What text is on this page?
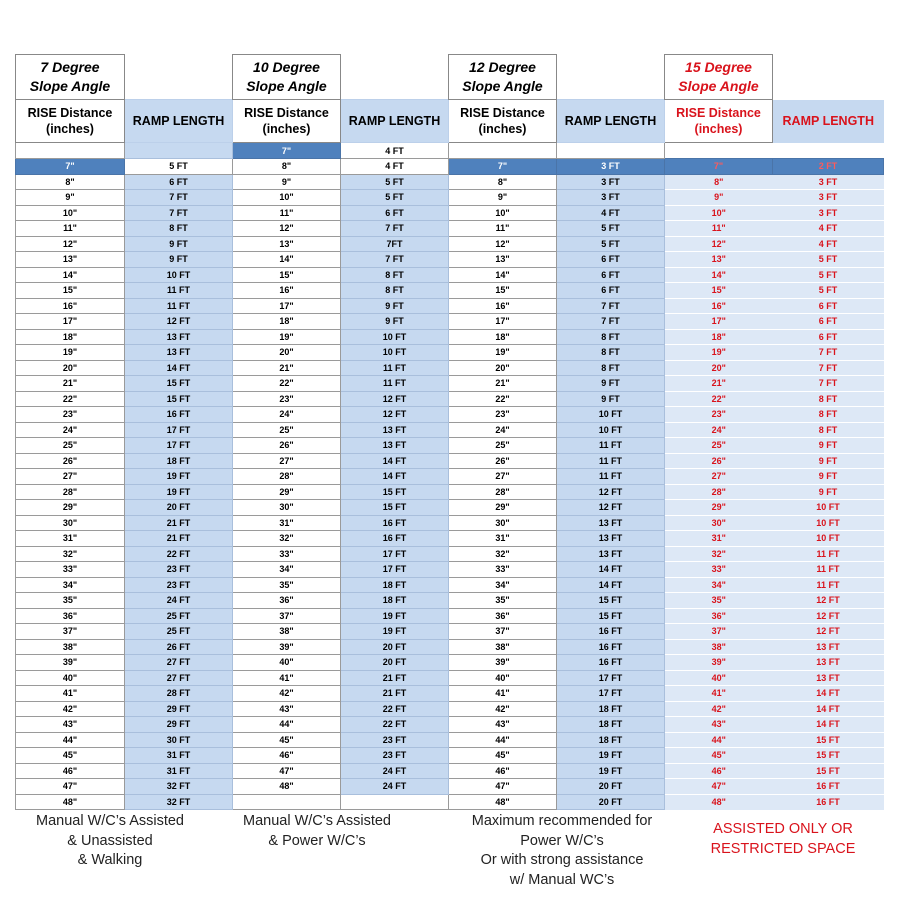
7 Degree
Slope Angle		10 Degree
Slope Angle		12 Degree
Slope Angle		15 Degree
Slope Angle	
RISE Distance (inches)	RAMP LENGTH	RISE Distance (inches)	RAMP LENGTH	RISE Distance (inches)	RAMP LENGTH	RISE Distance (inches)	RAMP LENGTH
		7"	4 FT				
7"	5 FT	8"	4 FT	7"	3 FT	7"	2 FT
8"	6 FT	9"	5 FT	8"	3 FT	8"	3 FT
9"	7 FT	10"	5 FT	9"	3 FT	9"	3 FT
10"	7 FT	11"	6 FT	10"	4 FT	10"	3 FT
11"	8 FT	12"	7 FT	11"	5 FT	11"	4 FT
12"	9 FT	13"	7FT	12"	5 FT	12"	4 FT
13"	9 FT	14"	7 FT	13"	6 FT	13"	5 FT
14"	10 FT	15"	8 FT	14"	6 FT	14"	5 FT
15"	11 FT	16"	8 FT	15"	6 FT	15"	5 FT
16"	11 FT	17"	9 FT	16"	7 FT	16"	6 FT
17"	12 FT	18"	9 FT	17"	7 FT	17"	6 FT
18"	13 FT	19"	10 FT	18"	8 FT	18"	6 FT
19"	13 FT	20"	10 FT	19"	8 FT	19"	7 FT
20"	14 FT	21"	11 FT	20"	8 FT	20"	7 FT
21"	15 FT	22"	11 FT	21"	9 FT	21"	7 FT
22"	15 FT	23"	12 FT	22"	9 FT	22"	8 FT
23"	16 FT	24"	12 FT	23"	10 FT	23"	8 FT
24"	17 FT	25"	13 FT	24"	10 FT	24"	8 FT
25"	17 FT	26"	13 FT	25"	11 FT	25"	9 FT
26"	18 FT	27"	14 FT	26"	11 FT	26"	9 FT
27"	19 FT	28"	14 FT	27"	11 FT	27"	9 FT
28"	19 FT	29"	15 FT	28"	12 FT	28"	9 FT
29"	20 FT	30"	15 FT	29"	12 FT	29"	10 FT
30"	21 FT	31"	16 FT	30"	13 FT	30"	10 FT
31"	21 FT	32"	16 FT	31"	13 FT	31"	10 FT
32"	22 FT	33"	17 FT	32"	13 FT	32"	11 FT
33"	23 FT	34"	17 FT	33"	14 FT	33"	11 FT
34"	23 FT	35"	18 FT	34"	14 FT	34"	11 FT
35"	24 FT	36"	18 FT	35"	15 FT	35"	12 FT
36"	25 FT	37"	19 FT	36"	15 FT	36"	12 FT
37"	25 FT	38"	19 FT	37"	16 FT	37"	12 FT
38"	26 FT	39"	20 FT	38"	16 FT	38"	13 FT
39"	27 FT	40"	20 FT	39"	16 FT	39"	13 FT
40"	27 FT	41"	21 FT	40"	17 FT	40"	13 FT
41"	28 FT	42"	21 FT	41"	17 FT	41"	14 FT
42"	29 FT	43"	22 FT	42"	18 FT	42"	14 FT
43"	29 FT	44"	22 FT	43"	18 FT	43"	14 FT
44"	30 FT	45"	23 FT	44"	18 FT	44"	15 FT
45"	31 FT	46"	23 FT	45"	19 FT	45"	15 FT
46"	31 FT	47"	24 FT	46"	19 FT	46"	15 FT
47"	32 FT	48"	24 FT	47"	20 FT	47"	16 FT
48"	32 FT			48"	20 FT	48"	16 FT
Manual W/C’s Assisted
& Unassisted
& Walking
Manual W/C’s Assisted
& Power W/C’s
Maximum recommended for
Power W/C’s
Or with strong assistance
w/ Manual WC’s
ASSISTED ONLY OR
RESTRICTED SPACE
